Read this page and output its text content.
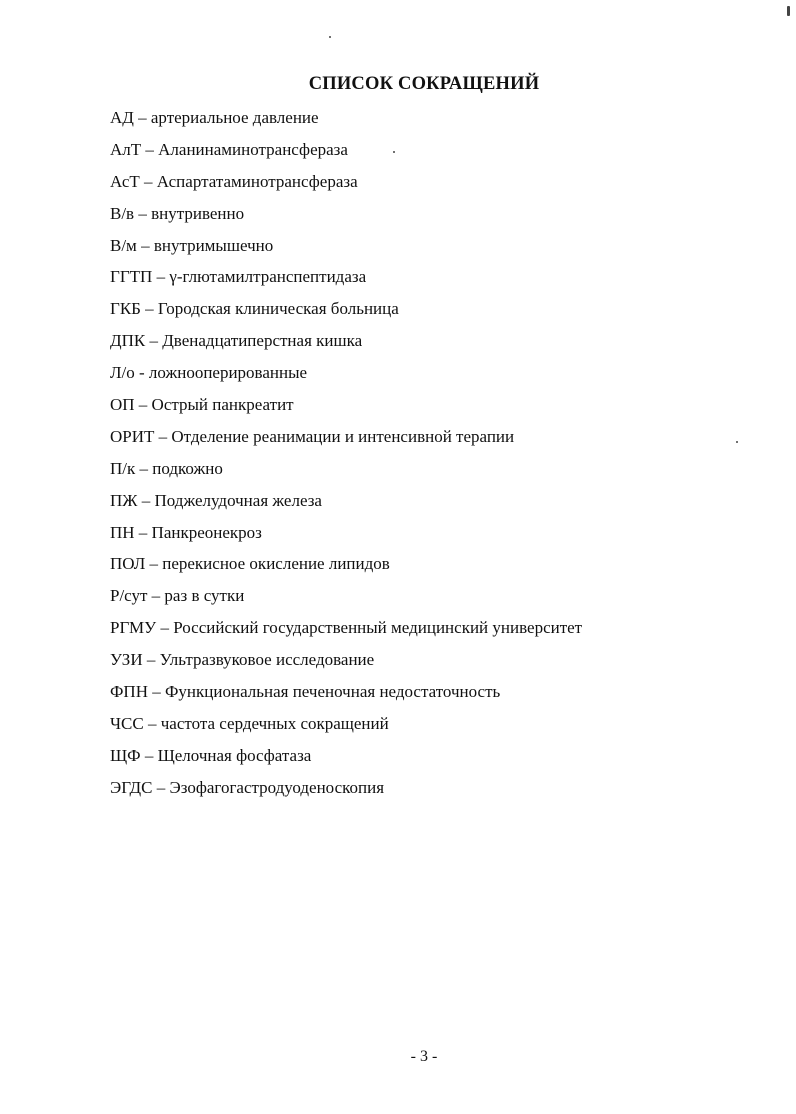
СПИСОК СОКРАЩЕНИЙ
АД – артериальное давление
АлТ – Аланинаминотрансфераза
АсТ – Аспартатаминотрансфераза
В/в – внутривенно
В/м – внутримышечно
ГГТП – γ-глютамилтранспептидаза
ГКБ – Городская клиническая больница
ДПК – Двенадцатиперстная кишка
Л/о - ложнооперированные
ОП – Острый панкреатит
ОРИТ – Отделение реанимации и интенсивной терапии
П/к – подкожно
ПЖ – Поджелудочная железа
ПН – Панкреонекроз
ПОЛ – перекисное окисление липидов
Р/сут – раз в сутки
РГМУ – Российский государственный медицинский университет
УЗИ – Ультразвуковое исследование
ФПН – Функциональная печеночная недостаточность
ЧСС – частота сердечных сокращений
ЩФ – Щелочная фосфатаза
ЭГДС – Эзофагогастродуоденоскопия
- 3 -
